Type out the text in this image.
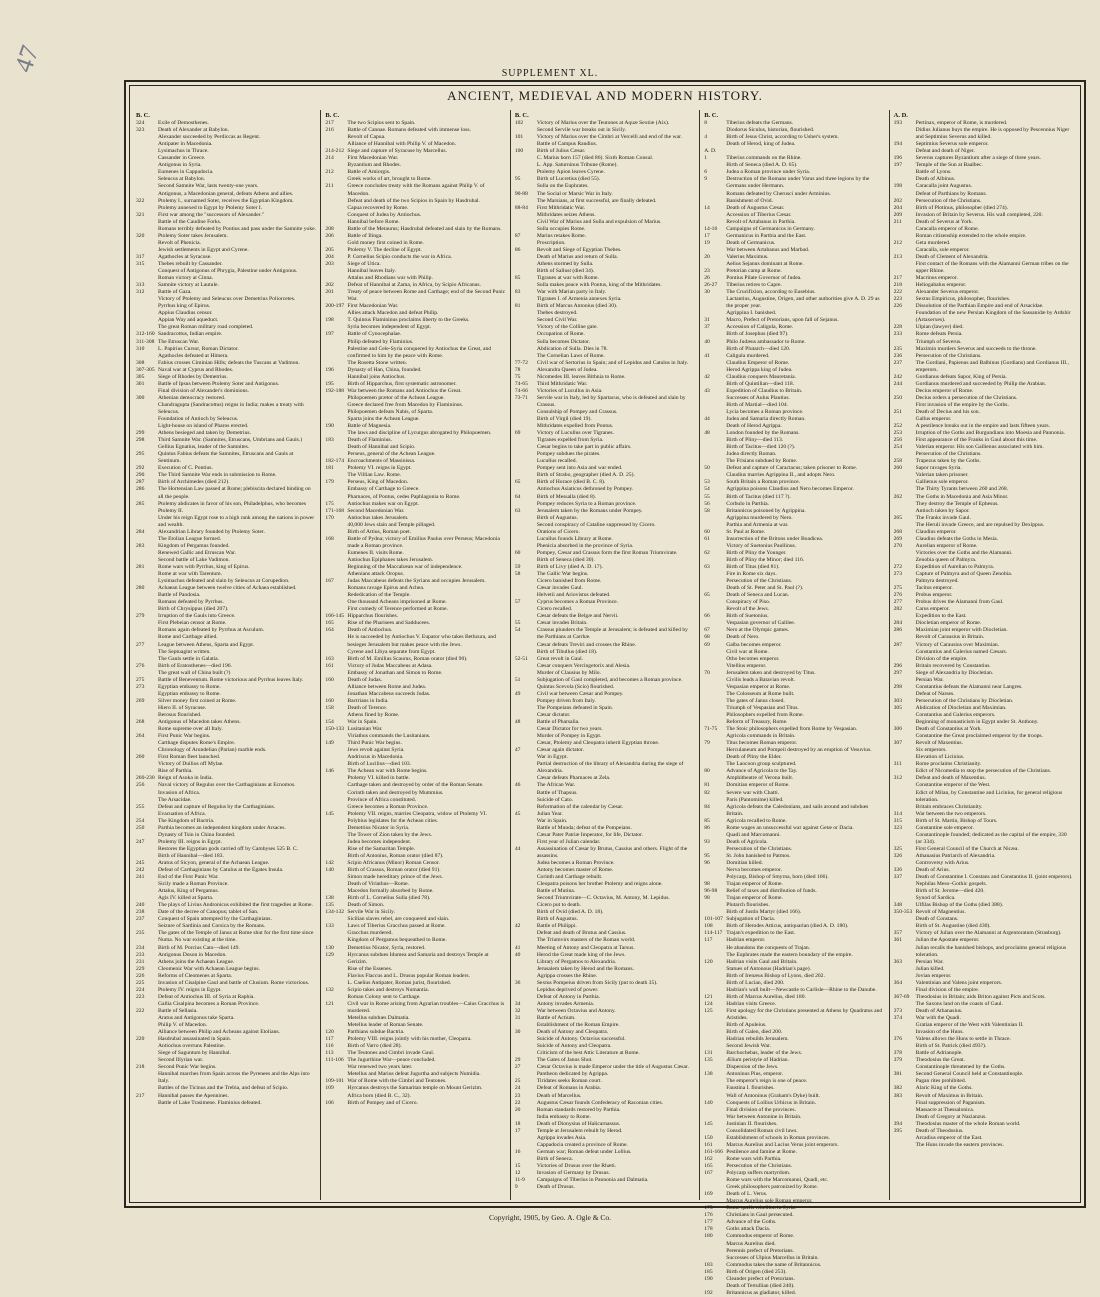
47	SUPPLEMENT XL.
ANCIENT, MEDIEVAL AND MODERN HISTORY.
B. C.
324	Exile of Demosthenes.
323	Death of Alexander at Babylon.
Alexander succeeded by Perdiccas as Regent.
Antipater in Macedonia.
Lysimachus in Thrace.
Cassander in Greece.
Antigonus in Syria.
Eumenes in Cappadocia.
Seleucus at Babylon.
Second Samnite War, lasts twenty-one years.
Antigonus, a Macedonian general, defeats Athens and allies.
322	Ptolemy I., surnamed Soter, receives the Egyptian Kingdom.
Ptolemy annexed to Egypt by Ptolemy Soter I.
321	First war among the "successors of Alexander."
Battle of the Caudine Forks.
Romans terribly defeated by Pontius and pass under the Samnite yoke.
320	Ptolemy Soter takes Jerusalem.
Revolt of Phenicia.
Jewish settlements in Egypt and Cyrene.
317	Agathocles at Syracuse.
315	Thebes rebuilt by Cassander.
Conquest of Antigonus of Phrygia, Palestine under Antigonus.
Roman victory at Cinna.
313	Samnite victory at Lautule.
312	Battle of Gaza.
Victory of Ptolemy and Seleucus over Demetrius Poliorcetes.
Pyrrhus king of Epirus.
Appius Claudius censor.
Appian Way and aqueduct.
The great Roman military road completed.
312-160 Sandracottus, Indian empire.
311-308 The Etruscan War.
310	L. Papirius Cursor, Roman Dictator.
Agathocles defeated at Himera.
308	Fabius crosses Ciminian Hills; defeats the Tuscans at Vadimon.
307-305 Naval war at Cyprus and Rhodes.
305	Siege of Rhodes by Demetrius.
301	Battle of Ipsus between Ptolemy Soter and Antigonus.
Final division of Alexander's dominions.
300	Athenian democracy restored.
Chandragupta (Sandracottus) reigns in India; makes a treaty with Seleucus.
Foundation of Antioch by Seleucus.
Light-house on island of Pharos erected.
299	Athens besieged and taken by Demetrius.
298	Third Samnite War. (Samnites, Etruscans, Umbrians and Gauls.)
Gellius Egnatius, leader of the Samnites.
295	Quintus Fabius defeats the Samnites, Etruscans and Gauls at Sentinum.
292	Execution of C. Pontius.
290	The Third Samnite War ends in submission to Rome.
287	Birth of Archimedes (died 212).
286	The Hortensian Law passed at Rome; plebiscita declared binding on all the people.
285	Ptolemy abdicates in favor of his son, Philadelphus, who becomes Ptolemy II.
Under his reign Egypt rose to a high rank among the nations in power and wealth.
284	Alexandrian Library founded by Ptolemy Soter.
The Etolian League formed.
283	Kingdom of Pergamus founded.
Renewed Gallic and Etruscan War.
Second battle of Lake Vadimon.
281	Rome wars with Pyrrhus, king of Epirus.
Rome at war with Tarentum.
Lysimachus defeated and slain by Seleucus at Corupedion.
280	Achaean League between twelve cities of Achaea established.
Battle of Pandosia.
Romans defeated by Pyrrhus.
Birth of Chrysippus (died 207).
279	Irruption of the Gauls into Greece.
First Plebeian censor at Rome.
Romans again defeated by Pyrrhus at Asculum.
Rome and Carthage allied.
277	League between Athens, Sparta and Egypt.
The Septuagint written.
The Gauls settle in Galatia.
276	Birth of Eratosthenes—died 196.
The great wall of China built (?)
275	Battle of Beneventum. Rome victorious and Pyrrhus leaves Italy.
273	Egyptian embassy to Rome.
Egyptian embassy to Rome.
269	Silver money first coined at Rome.
Hiero II. of Syracuse.
Berosus flourished.
268	Antigonus of Macedon takes Athens.
Rome supreme over all Italy.
264	First Punic War begins.
Carthage disputes Rome's Empire.
Chronology of Arundelian (Parian) marble ends.
260	First Roman fleet launched.
Victory of Duilius off Mylae.
Rise of Parthia.
260-230 Reign of Asoka in India.
256	Naval victory of Regulus over the Carthaginians at Ecnomos.
Invasion of Africa.
The Arsacidae.
255	Defeat and capture of Regulus by the Carthaginians.
Evacuation of Africa.
254	The Kingdom of Bactria.
250	Parthia becomes an independent kingdom under Arsaces.
Dynasty of Tsin in China founded.
247	Ptolemy III. reigns in Egypt.
Restores the Egyptian gods carried off by Cambyses 525 B. C.
Birth of Hannibal—died 183.
245	Aratus of Sicyon, general of the Achaean League.
242	Defeat of Carthaginians by Catulus at the Egates Insula.
241	End of the First Punic War.
Sicily made a Roman Province.
Attalus, King of Pergamus.
Agis IV. killed at Sparta.
240	The plays of Livius Andronicus exhibited the first tragedies at Rome.
238	Date of the decree of Canopus; tablet of San.
237	Conquest of Spain attempted by the Carthaginians.
Seizure of Sardinia and Corsica by the Romans.
235	The gates of the Temple of Janus at Rome shut for the first time since Numa. No war existing at the time.
234	Birth of M. Porcius Cato—died 149.
233	Antigonus Doson in Macedon.
231	Athens joins the Achaean League.
229	Cleomenic War with Achaean League begins.
226	Reforms of Cleomenes at Sparta.
225	Invasion of Cisalpine Gaul and battle of Clusium. Rome victorious.
224	Ptolemy IV. reigns in Egypt.
223	Defeat of Antiochus III. of Syria at Raphia.
Gallia Cisalpina becomes a Roman Province.
222	Battle of Sellasia.
Aratus and Antigonus take Sparta.
Philip V. of Macedon.
Alliance between Philip and Acheans against Etolians.
220	Hasdrubal assassinated in Spain.
Antiochus overruns Palestine.
Siege of Saguntum by Hannibal.
Second Illyrian war.
218	Second Punic War begins.
Hannibal marches from Spain across the Pyrenees and the Alps into Italy.
Battles of the Ticinus and the Trebia, and defeat of Scipio.
217	Hannibal passes the Apennines.
Battle of Lake Trasimene. Flaminius defeated.
B. C.
217	The two Scipios sent to Spain.
216	Battle of Cannae. Romans defeated with immense loss.
Revolt of Capua.
Alliance of Hannibal with Philip V. of Macedon.
214-212 Siege and capture of Syracuse by Marcellus.
214	First Macedonian War.
Byzantium and Rhodes.
212	Battle of Amiorgis.
Greek works of art, brought to Rome.
211	Greece concludes treaty with the Romans against Philip V. of Macedon.
Defeat and death of the two Scipios in Spain by Hasdrubal.
Capua recovered by Rome.
Conquest of Judea by Antiochus.
Hannibal before Rome.
208	Battle of the Metaurus; Hasdrubal defeated and slain by the Romans.
206	Battle of Ilinga.
Gold money first coined in Rome.
205	Ptolemy V. The decline of Egypt.
204	P. Cornelius Scipio conducts the war in Africa.
203	Siege of Utica.
Hannibal leaves Italy.
Attalus and Rhodians war with Philip.
202	Defeat of Hannibal at Zama, in Africa, by Scipio Africanus.
201	Treaty of peace between Rome and Carthage; end of the Second Punic War.
200-197 First Macedonian War.
Allies attack Macedon and defeat Philip.
198	T. Quintus Flamininus proclaims liberty to the Greeks.
Syria becomes independent of Egypt.
197	Battle of Cynocephalae.
Philip defeated by Flaminius.
Palestine and Cele-Syria conquered by Antiochus the Great, and confirmed to him by the peace with Rome.
The Rosetta Stone written.
196	Dynasty of Han, China, founded.
Hannibal joins Antiochus.
195	Birth of Hipparchus, first systematic astronomer.
192-188 War between the Romans and Antiochus the Great.
Philopoemen prætor of the Achean League.
Greece declared free from Macedon by Flamininus.
Philopoemen defeats Nabis, of Sparta.
Sparta joins the Achean League.
190	Battle of Magnesia.
The laws and discipline of Lycurgus abrogated by Philopoemen.
183	Death of Flaminius.
Death of Hannibal and Scipio.
Perseus, general of the Achean League.
182-174 Encroachments of Massinissa.
181	Ptolemy VI. reigns in Egypt.
The Villian Law. Rome.
179	Perseus, King of Macedon.
Embassy of Carthage to Greece.
Pharnaces, of Pontus, cedes Paphlagonia to Rome.
175	Antiochus makes war on Egypt.
171-168 Second Macedonian War.
170	Antiochus takes Jerusalem.
40,000 Jews slain and Temple pillaged.
Birth of Attius, Roman poet.
168	Battle of Pydna; victory of Emilius Paulus over Perseus; Macedonia made a Roman province.
Eumenes II. visits Rome.
Antiochus Epiphanes takes Jerusalem.
Beginning of the Maccabæan war of independence.
Athenians attack Oropus.
167	Judas Maccabeus defeats the Syrians and occupies Jerusalem.
Romans ravage Epirus and Achea.
Rededication of the Temple.
One thousand Acheans imprisoned at Rome.
First comedy of Terence performed at Rome.
166-145 Hipparchus flourishes.
165	Rise of the Pharisees and Sadducees.
164	Death of Antiochus.
He is succeeded by Antiochus V. Eupator who takes Bethzura, and besieges Jerusalem but makes peace with the Jews.
Cyrene and Libya separate from Egypt.
163	Birth of M. Emilius Scaurus, Roman orator (died 90).
161	Victory of Judas Maccabeus at Adasa.
Embassy of Jonathan and Simon to Rome.
160	Death of Judas.
Alliance between Rome and Judea.
Jonathan Maccabeus succeeds Judas.
160	Bactrians in India.
158	Death of Terence.
Athens fined by Rome.
154	War in Spain.
150-133 Lusitanian War.
Viriathus commands the Lusitanians.
149	Third Punic War begins.
Jews revolt against Syria.
Andriscus in Macedonia.
Birth of Lucilius—died 103.
146	The Achean war with Rome begins.
Ptolemy VI. killed in battle.
Carthage taken and destroyed by order of the Roman Senate.
Corinth taken and destroyed by Mummius.
Province of Africa constituted.
Greece becomes a Roman Province.
145	Ptolemy VII. reigns, marries Cleopatra, widow of Ptolemy VI.
Polybius legislates for the Achean cities.
Demetrius Nicator in Syria.
The Tower of Zion taken by the Jews.
Judea becomes independent.
Rise of the Samaritan Temple.
Birth of Antonius, Roman orator (died 87).
142	Scipio Africanus (Minor) Roman Censor.
140	Birth of Crassus, Roman orator (died 91).
Simon made hereditary prince of the Jews.
Death of Viriathus—Rome.
Macedon formally absorbed by Rome.
138	Birth of L. Cornelius Sulla (died 78).
135	Death of Simon.
134-132 Servile War in Sicily.
Sicilian slaves rebel, are conquered and slain.
133	Laws of Tiberius Gracchus passed at Rome.
Gracchus murdered.
Kingdom of Pergamus bequeathed to Rome.
130	Demetrius Nicator, Syria, restored.
129	Hyrcanus subdues Idumea and Samaria and destroys Temple at Gerizim.
Rise of the Essenes.
Flavius Flaccus and L. Drusus popular Roman leaders.
L. Caelius Antipater, Roman jurist, flourished.
132	Scipio takes and destroys Numantia.
Roman Colony sent to Carthage.
121	Civil war in Rome arising from Agrarian troubles—Caius Gracchus is murdered.
Metellus subdues Dalmatia.
Metellus leader of Roman Senate.
120	Parthians subdue Bactria.
117	Ptolemy VIII. reigns jointly with his mother, Cleopatra.
116	Birth of Varro (died 28).
113	The Teutones and Cimbri invade Gaul.
111-106 The Jugurthine War—peace concluded.
War renewed two years later.
Metellus and Marius defeat Jugurtha and subjects Numidia.
109-101 War of Rome with the Cimbri and Teutones.
109	Hyrcanus destroys the Samaritan temple on Mount Gerizim.
Africa born (died B. C., 32).
106	Birth of Pompey and of Cicero.
B. C.
102	Victory of Marius over the Teutones at Aquæ Sextiæ (Aix).
Second Servile war breaks out in Sicily.
101	Victory of Marius over the Cimbri at Vercelli and end of the war.
Battle of Campus Raudius.
100	Birth of Julius Cæsar.
C. Marius born 157 (died 86). Sixth Roman Consul.
L. App. Saturninus Tribune (Rome).
Ptolemy Apion leaves Cyrene.
95	Birth of Lucretius (died 55).
Sulla on the Euphrates.
90-88	The Social or Marsic War in Italy.
The Marsians, at first successful, are finally defeated.
88-84	First Mithridatic War.
Mithridates seizes Athens.
Civil War of Marius and Sulla and expulsion of Marius.
Sulla occupies Rome.
87	Marius retakes Rome.
Proscription.
86	Revolt and Siege of Egyptian Thebes.
Death of Marius and return of Sulla.
Athens stormed by Sulla.
Birth of Sallust (died 34).
85	Tigranes at war with Rome.
Sulla makes peace with Pontus, king of the Mithridates.
83	War with Marian party in Italy.
Tigranes I. of Armenia annexes Syria.
81	Birth of Marcus Antonius (died 30).
Thebes destroyed.
Second Civil War.
Victory of the Colline gate.
Occupation of Rome.
Sulla becomes Dictator.
Abdication of Sulla. Dies in 78.
The Cornelian Laws of Rome.
77-72	Civil war of Sertorius in Spain; and of Lepidus and Catulus in Italy.
78	Alexandra Queen of Judea.
75	Nicomedes III. leaves Bithnia to Rome.
74-65	Third Mithridatic War.
74-66	Victories of Lucullus in Asia.
73-71	Servile war in Italy, led by Spartacus, who is defeated and slain by Crassus.
Consulship of Pompey and Crassus.
Birth of Virgil (died 19).
Mithridates expelled from Pontus.
69	Victory of Lucullus over Tigranes.
Tigranes expelled from Syria.
Cæsar begins to take part in public affairs.
Pompey subdues the pirates.
Lucullus recalled.
Pompey sent into Asia and war ended.
Birth of Strabo, geographer (died A. D. 25).
65	Birth of Horace (died B. C. 8).
Antiochus Asiaticus dethroned by Pompey.
64	Birth of Messalla (died 8).
Pompey reduces Syria to a Roman province.
63	Jerusalem taken by the Romans under Pompey.
Birth of Augustus.
Second conspiracy of Cataline suppressed by Cicero.
Orations of Cicero.
Lucullus founds Library at Rome.
Phenicia absorbed in the province of Syria.
60	Pompey, Cæsar and Crassus form the first Roman Triumvirate.
Birth of Seneca (died 30).
59	Birth of Livy (died A. D. 17).
58	The Gallic War begins.
Cicero banished from Rome.
Cæsar invades Gaul.
Helvetii and Ariovistus defeated.
57	Cyprus becomes a Roman Province.
Cicero recalled.
Cæsar defeats the Belgæ and Nervii.
55	Cæsar invades Britain.
54	Crassus plunders the Temple at Jerusalem; is defeated and killed by the Parthians at Carrhæ.
Cæsar defeats Treviri and crosses the Rhine.
Birth of Tibullus (died 18).
52-51	Great revolt in Gaul.
Cæsar conquers Vercingetorix and Alesia.
Murder of Clausius by Milo.
51	Subjugation of Gaul completed, and becomes a Roman province.
Quintus Scevola (Scio) flourished.
49	Civil war between Cæsar and Pompey.
Pompey driven from Italy.
The Pompeians defeated in Spain.
Cæsar dictator.
48	Battle of Pharsalia.
Cæsar Dictator for two years.
Murder of Pompey in Egypt.
Cæsar, Ptolemy and Cleopatra inherit Egyptian throne.
47	Cæsar again dictator.
War in Egypt.
Partial destruction of the library of Alexandria during the siege of Alexandria.
Cæsar defeats Pharnaces at Zela.
46	The African War.
Battle of Thapsus.
Suicide of Cato.
Reformation of the calendar by Cæsar.
45	Julian Year.
War in Spain.
Battle of Munda; defeat of the Pompeians.
Cæsar Pater Patriæ Imperator, for life, Dictator.
First year of Julian calendar.
44	Assassination of Cæsar by Brutus, Cassius and others. Flight of the assassins.
Judea becomes a Roman Province.
Antony becomes master of Rome.
Corinth and Carthage rebuilt.
Cleopatra poisons her brother Ptolemy and reigns alone.
Battle of Mutina.
Second Triumvirate—C. Octavius, M. Antony, M. Lepidus.
Cicero put to death.
Birth of Ovid (died A. D. 18).
Birth of Augustus.
42	Battle of Philippi.
Defeat and death of Brutus and Cassius.
The Triumvirs masters of the Roman world.
41	Meeting of Antony and Cleopatra at Tarsus.
40	Herod the Great made king of the Jews.
Library of Pergamos to Alexandria.
Jerusalem taken by Herod and the Romans.
Agrippa crosses the Rhine.
36	Sextus Pompeius driven from Sicily (put to death 35).
Lepidus deprived of power.
Defeat of Antony in Parthia.
34	Antony invades Armenia.
32	War between Octavius and Antony.
31	Battle of Actium.
Establishment of the Roman Empire.
30	Death of Antony and Cleopatra.
Suicide of Antony. Octavius successful.
Suicide of Antony and Cleopatra.
Criticism of the best Attic Literature at Rome.
29	The Gates of Janus Shut.
27	Cæsar Octavius is made Emperor under the title of Augustus Cæsar.
Pantheon dedicated by Agrippa.
25	Tiridates seeks Roman court.
24	Defeat of Romans in Arabia.
23	Death of Marcellus.
22	Augustus Cæsar founds Confederacy of Raconian cities.
20	Roman standards restored by Parthia.
India embassy to Rome.
18	Death of Dionysius of Halicarnassus.
17	Temple at Jerusalem rebuilt by Herod.
Agrippa invades Asia.
Cappadocia created a province of Rome.
16	German war; Roman defeat under Lollius.
Birth of Seneca.
15	Victories of Drusus over the Rhæti.
12	Invasion of Germany by Drusus.
11-9	Campaigns of Tiberius in Pannonia and Dalmatia.
9	Death of Drusus.
B. C.
8	Tiberius defeats the Germans.
Diodorus Siculus, historian, flourished.
4	Birth of Jesus Christ, according to Usher's system.
Death of Herod, king of Judea.
A. D.
1	Tiberius commands on the Rhine.
Birth of Seneca (died A. D. 65).
6	Judea a Roman province under Syria.
9	Destruction of the Romans under Varus and three legions by the Germans under Hermann.
Romans defeated by Cherusci under Arminius.
Banishment of Ovid.
14	Death of Augustus Cæsar.
Accession of Tiberius Cæsar.
Revolt of Artabanus in Parthia.
14-16	Campaigns of Germanicus in Germany.
17	Germanicus in Parthia and the East.
19	Death of Germanicus.
War between Artabanus and Marbad.
20	Valerius Maximus.
Aelius Sejanus dominant at Rome.
23	Pretorian camp at Rome.
26	Pontius Pilate Governor of Judea.
26-27	Tiberius retires to Capre.
30	The Crucifixion, according to Eusebius.
Lactantius, Augustine, Origen, and other authorities give A. D. 29 as the proper year.
Agrippina I. banished.
31	Macro, Prefect of Pretorians, upon fall of Sejanus.
37	Accession of Caligula, Rome.
Birth of Josephus (died 97).
40	Philo Judæus ambassador to Rome.
Birth of Plutarch—died 120.
41	Caligula murdered.
Claudius Emperor of Rome.
Herod Agrippa king of Judea.
42	Claudius conquers Mauretania.
Birth of Quintilian—died 118.
43	Expedition of Claudius to Britain.
Successes of Aulus Plautius.
Birth of Martial—died 104.
Lycia becomes a Roman province.
44	Judea and Samaria directly Roman.
Death of Herod Agrippa.
48	London founded by the Romans.
Birth of Pliny—died 113.
Birth of Tacitus—died 120 (?).
Judea directly Roman.
The Frisians subdued by Rome.
50	Defeat and capture of Caractacus; taken prisoner to Rome.
Claudius marries Agrippina II., and adopts Nero.
53	South Britain a Roman province.
54	Agrippina poisons Claudius and Nero becomes Emperor.
55	Birth of Tacitus (died 117 ?).
56	Corbulo in Parthia.
58	Britannicus poisoned by Agrippina.
Agrippina murdered by Nero.
Parthia and Armenia at war.
60	St. Paul at Rome.
61	Insurrection of the Britons under Boadicea.
Victory of Suetonius Paullinus.
62	Birth of Pliny the Younger.
Birth of Pliny the Minor; died 116.
63	Birth of Titus (died 81).
Fire in Rome six days.
Persecution of the Christians.
Death of St. Peter and St. Paul (?).
65	Death of Seneca and Lucan.
Conspiracy of Piso.
Revolt of the Jews.
66	Birth of Suetonius.
Vespasian governor of Galilee.
67	Nero at the Olympic games.
68	Death of Nero.
69	Galba becomes emperor.
Civil war at Rome.
Otho becomes emperor.
Vitellius emperor.
70	Jerusalem taken and destroyed by Titus.
Civilis leads a Batavian revolt.
Vespasian emperor at Rome.
The Colosseum at Rome built.
The gates of Janus closed.
Triumph of Vespasian and Titus.
Philosophers expelled from Rome.
Reform of Treasury, Rome.
71-75	The Stoic philosophers expelled from Rome by Vespasian.
Agricola commands in Britain.
79	Titus becomes Roman emperor.
Herculaneum and Pompeii destroyed by an eruption of Vesuvius.
Death of Pliny the Elder.
The Laocoon group sculptured.
80	Advance of Agricola to the Tay.
Amphitheatre of Verona built.
81	Domitian emperor of Rome.
82	Severe war with Chatti.
Paris (Pantomime) killed.
84	Agricola defeats the Caledonians, and sails around and subdues Britain.
85	Agricola recalled to Rome.
86	Rome wages an unsuccessful war against Getæ or Dacia.
Quadi and Marcomanni.
93	Death of Agricola.
Persecution of the Christians.
95	St. John banished to Patmos.
96	Domitian killed.
Nerva becomes emperor.
Polycarp, Bishop of Smyrna, born (died 166).
98	Trajan emperor of Rome.
96-98	Relief of taxes and distribution of funds.
98	Trajan emperor of Rome.
Plutarch flourishes.
Birth of Justin Martyr (died 166).
101-107 Subjugation of Dacia.
108	Birth of Herodes Atticus, antiquarian (died A. D. 180).
114-117 Trajan's expedition to the East.
117	Hadrian emperor.
He abandons the conquests of Trajan.
The Euphrates made the eastern boundary of the empire.
120	Hadrian visits Gaul and Britain.
Statues of Antonous (Hadrian's page).
Birth of Irenæus Bishop of Lyons, died 202.
Birth of Lucian, died 200.
Hadrian's wall built—Newcastle to Carlisle—Rhine to the Danube.
121	Birth of Marcus Aurelius, died 180.
124	Hadrian visits Greece.
125	First apology for the Christians presented at Athens by Quadratus and Aristides.
Birth of Apuleius.
Birth of Galen, died 200.
Hadrian rebuilds Jerusalem.
Second Jewish War.
131	Barchochebas, leader of the Jews.
135	Ælium peristyle of Hadrian.
Dispersion of the Jews.
138	Antoninus Pius, emperor.
The emperor's reign is one of peace.
Faustina I. flourishes.
Wall of Antoninus (Graham's Dyke) built.
140	Conquests of Lollius Urbicus in Britain.
Final division of the provinces.
War between Antonine in Britain.
145	Justinian II. flourishes.
Consolidated Roman civil laws.
150	Establishment of schools in Roman provinces.
161	Marcus Aurelius and Lucius Verus joint emperors.
161-166 Pestilence and famine at Rome.
162	Rome wars with Parthia.
165	Persecution of the Christians.
167	Polycarp suffers martyrdom.
Rome wars with the Marcomanni, Quadi, etc.
Greek philosophers patronized by Rome.
169	Death of L. Verus.
Marcus Aurelius sole Roman emperor.
175	Rome quells rebellion in Syria.
176	Christians in Gaul persecuted.
177	Advance of the Goths.
178	Goths attack Dacia.
180	Commodus emperor of Rome.
Marcus Aurelius died.
Perennis prefect of Pretorians.
Successes of Ulpius Marcellus in Britain.
183	Commodus takes the name of Britannicus.
185	Birth of Origen (died 253).
190	Cleander prefect of Pretorians.
Death of Tertullian (died 240).
192	Britannicus as gladiator, killed.
A. D.
193	Pertinax, emperor of Rome, is murdered.
Didius Julianus buys the empire. He is opposed by Pescennius Niger and Septimius Severus and killed.
194	Septimius Severus sole emperor.
Defeat and death of Niger.
196	Severus captures Byzantium after a siege of three years.
197	Temple of the Sun at Baalbec.
Battle of Lyons.
Death of Albinus.
198	Caracalla joint Augustus.
Defeat of Parthians by Romans.
202	Persecution of the Christians.
204	Birth of Plotinus, philosopher (died 274).
209	Invasion of Britain by Severus. His wall completed, 220.
211	Death of Severus at York.
Caracalla emperor of Rome.
Roman citizenship extended to the whole empire.
212	Geta murdered.
Caracalla, sole emperor.
213	Death of Clement of Alexandria.
First contact of the Romans with the Alamanni German tribes on the upper Rhine.
217	Macrinus emperor.
218	Heliogabalus emperor.
222	Alexander Severus emperor.
223	Sextus Empiricus, philosopher, flourishes.
226	Dissolution of the Parthian Empire and end of Arsacidae.
Foundation of the new Persian Kingdom of the Sassanidæ by Ardshir (Artaxerxes).
228	Ulpian (lawyer) died.
233	Rome defeats Persia.
Triumph of Severus.
235	Maximin murders Severus and succeeds to the throne.
236	Persecution of the Christians.
237	The Gordiani, Papienus and Balbinus (Gordians) and Gordianus III., emperors.
242	Gordianus defeats Sapor, King of Persia.
244	Gordianus murdered and succeeded by Philip the Arabian.
Decius emperor of Rome.
250	Decius orders a persecution of the Christians.
First invasion of the empire by the Goths.
251	Death of Decius and his son.
Gallus emperor.
252	A pestilence breaks out in the empire and lasts fifteen years.
253	Irruption of the Goths and Burgundians into Moesia and Pannonia.
256	First appearance of the Franks in Gaul about this time.
254	Valerian emperor. His son Gallienus associated with him.
Persecution of the Christians.
258	Trapezus taken by the Goths.
260	Sapor ravages Syria.
Valerian taken prisoner.
Gallienus sole emperor.
The Thirty Tyrants between 260 and 268.
262	The Goths in Macedonia and Asia Minor.
They destroy the Temple of Ephesus.
Antioch taken by Sapor.
265	The Franks invade Gaul.
The Heruli invade Greece, and are repulsed by Dexippus.
268	Claudius emperor.
269	Claudius defeats the Goths in Mesia.
270	Aurelian emperor of Rome.
Victories over the Goths and the Alamanni.
Zenobia queen of Palmyra.
272	Expedition of Aurelian to Palmyra.
273	Capture of Palmyra and of Queen Zenobia.
Palmyra destroyed.
275	Tacitus emperor.
276	Probus emperor.
277	Probus drives the Alamanni from Gaul.
282	Carus emperor.
Expedition to the East.
284	Diocletian emperor of Rome.
286	Maximian joint emperor with Diocletian.
Revolt of Carausius in Britain.
287	Victory of Carausius over Maximian.
Constantius and Galerius named Cæsars.
Division of the empire.
296	Britain recovered by Constantius.
297	Siege of Alexandria by Diocletian.
Persian War.
298	Constantius defeats the Alamanni near Langres.
Defeat of Narses.
303	Persecution of the Christians by Diocletian.
305	Abdication of Diocletian and Maximian.
Constantius and Galerius emperors.
Beginning of monasticism in Egypt under St. Anthony.
306	Death of Constantius at York.
Constantine the Great proclaimed emperor by the troops.
307	Revolt of Maxentius.
Six emperors.
Elevation of Licinius.
311	Rome proclaims Christianity.
Edict of Nicomedia to stop the persecution of the Christians.
312	Defeat and death of Maxentius.
Constantine emperor of the West.
Edict of Milan, by Constantine and Licinius, for general religious toleration.
Britain embraces Christianity.
314	War between the two emperors.
315	Birth of St. Martin, Bishop of Tours.
323	Constantine sole emperor.
Constantinople founded; dedicated as the capital of the empire, 330 (or 334).
325	First General Council of the Church at Nicæa.
326	Athanasius Patriarch of Alexandria.
Controversy with Arius.
336	Death of Arius.
337	Death of Constantine I. Constans and Constantius II. (joint emperors).
Nephilas Meso–Gothic gospels.
Birth of St. Jerome—died 420.
Synod of Sardica.
348	Ulfilas Bishop of the Goths (died 388).
350-353 Revolt of Magnentius.
Death of Constans.
Birth of St. Augustine (died 430).
357	Victory of Julian over the Alamanni at Argentoratum (Strasburg).
361	Julian the Apostate emperor.
Julian recalls the banished bishops, and proclaims general religious toleration.
363	Persian War.
Julian killed.
Jovian emperor.
364	Valentinian and Valens joint emperors.
Final division of the empire.
367-69	Theodosius in Britain; aids Briton against Picts and Scots.
The Saxons land on the coasts of Gaul.
373	Death of Athanasius.
374	War with the Quadi.
Gratian emperor of the West with Valentinian II.
Invasion of the Huns.
376	Valens allows the Huns to settle in Thrace.
Birth of St. Patrick (died 493?).
378	Battle of Adrianople.
379	Theodosius the Great.
Constantinople threatened by the Goths.
381	Second General Council held at Constantinople.
Pagan rites prohibited.
382	Alaric King of the Goths.
383	Revolt of Maximus in Britain.
Final suppression of Paganism.
Massacre at Thessalonica.
Death of Gregory at Nazianzus.
394	Theodosius master of the whole Roman world.
395	Death of Theodosius.
Arcadius emperor of the East.
The Huns invade the eastern provinces.
Copyright, 1905, by Geo. A. Ogle & Co.
